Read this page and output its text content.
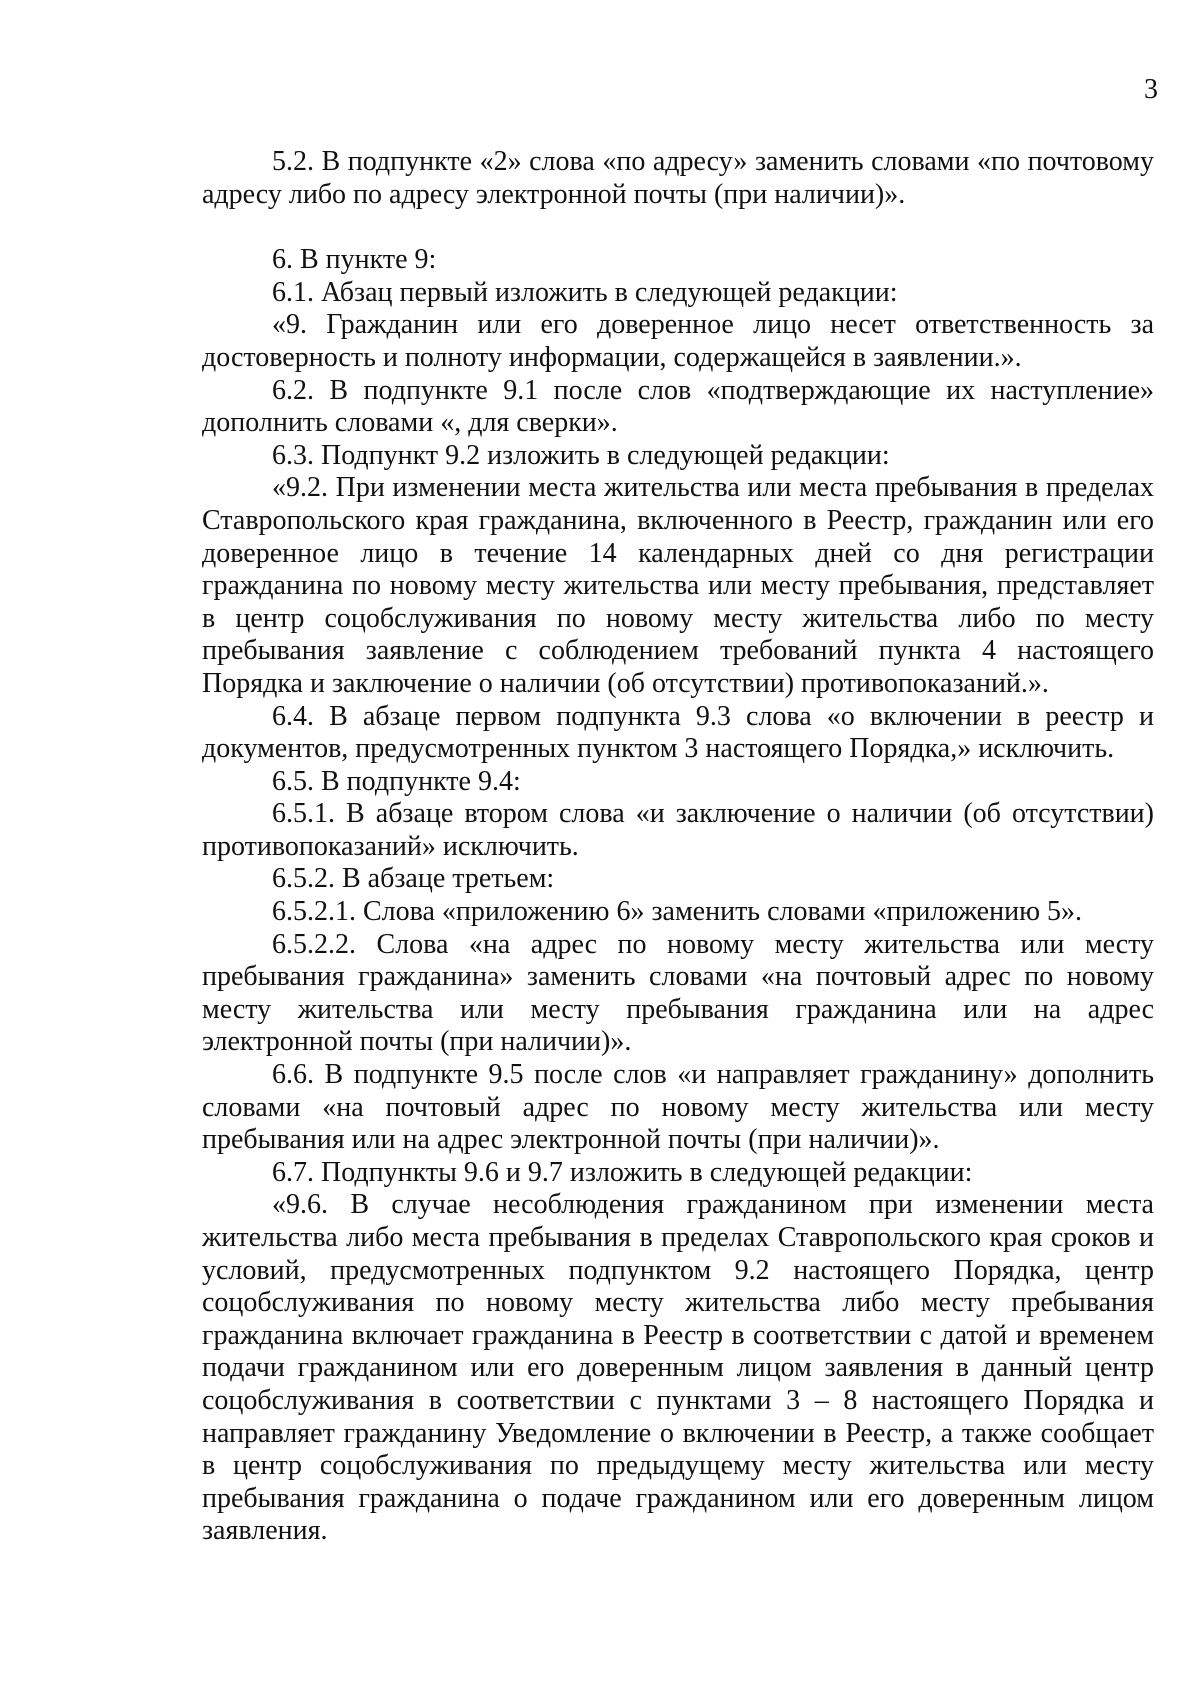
3

5.2. В подпункте «2» слова «по адресу» заменить словами «по почтовому адресу либо по адресу электронной почты (при наличии)».

6. В пункте 9:

6.1. Абзац первый изложить в следующей редакции:

«9. Гражданин или его доверенное лицо несет ответственность за достоверность и полноту информации, содержащейся в заявлении.».

6.2. В подпункте 9.1 после слов «подтверждающие их наступление» дополнить словами «, для сверки».

6.3. Подпункт 9.2 изложить в следующей редакции:

«9.2. При изменении места жительства или места пребывания в пределах Ставропольского края гражданина, включенного в Реестр, гражданин или его доверенное лицо в течение 14 календарных дней со дня регистрации гражданина по новому месту жительства или месту пребывания, представляет в центр соцобслуживания по новому месту жительства либо по месту пребывания заявление с соблюдением требований пункта 4 настоящего Порядка и заключение о наличии (об отсутствии) противопоказаний.».

6.4. В абзаце первом подпункта 9.3 слова «о включении в реестр и документов, предусмотренных пунктом 3 настоящего Порядка,» исключить.

6.5. В подпункте 9.4:

6.5.1. В абзаце втором слова «и заключение о наличии (об отсутствии) противопоказаний» исключить.

6.5.2. В абзаце третьем:

6.5.2.1. Слова «приложению 6» заменить словами «приложению 5».

6.5.2.2. Слова «на адрес по новому месту жительства или месту пребывания гражданина» заменить словами «на почтовый адрес по новому месту жительства или месту пребывания гражданина или на адрес электронной почты (при наличии)».

6.6. В подпункте 9.5 после слов «и направляет гражданину» дополнить словами «на почтовый адрес по новому месту жительства или месту пребывания или на адрес электронной почты (при наличии)».

6.7. Подпункты 9.6 и 9.7 изложить в следующей редакции:

«9.6. В случае несоблюдения гражданином при изменении места жительства либо места пребывания в пределах Ставропольского края сроков и условий, предусмотренных подпунктом 9.2 настоящего Порядка, центр соцобслуживания по новому месту жительства либо месту пребывания гражданина включает гражданина в Реестр в соответствии с датой и временем подачи гражданином или его доверенным лицом заявления в данный центр соцобслуживания в соответствии с пунктами 3 – 8 настоящего Порядка и направляет гражданину Уведомление о включении в Реестр, а также сообщает в центр соцобслуживания по предыдущему месту жительства или месту пребывания гражданина о подаче гражданином или его доверенным лицом заявления.
